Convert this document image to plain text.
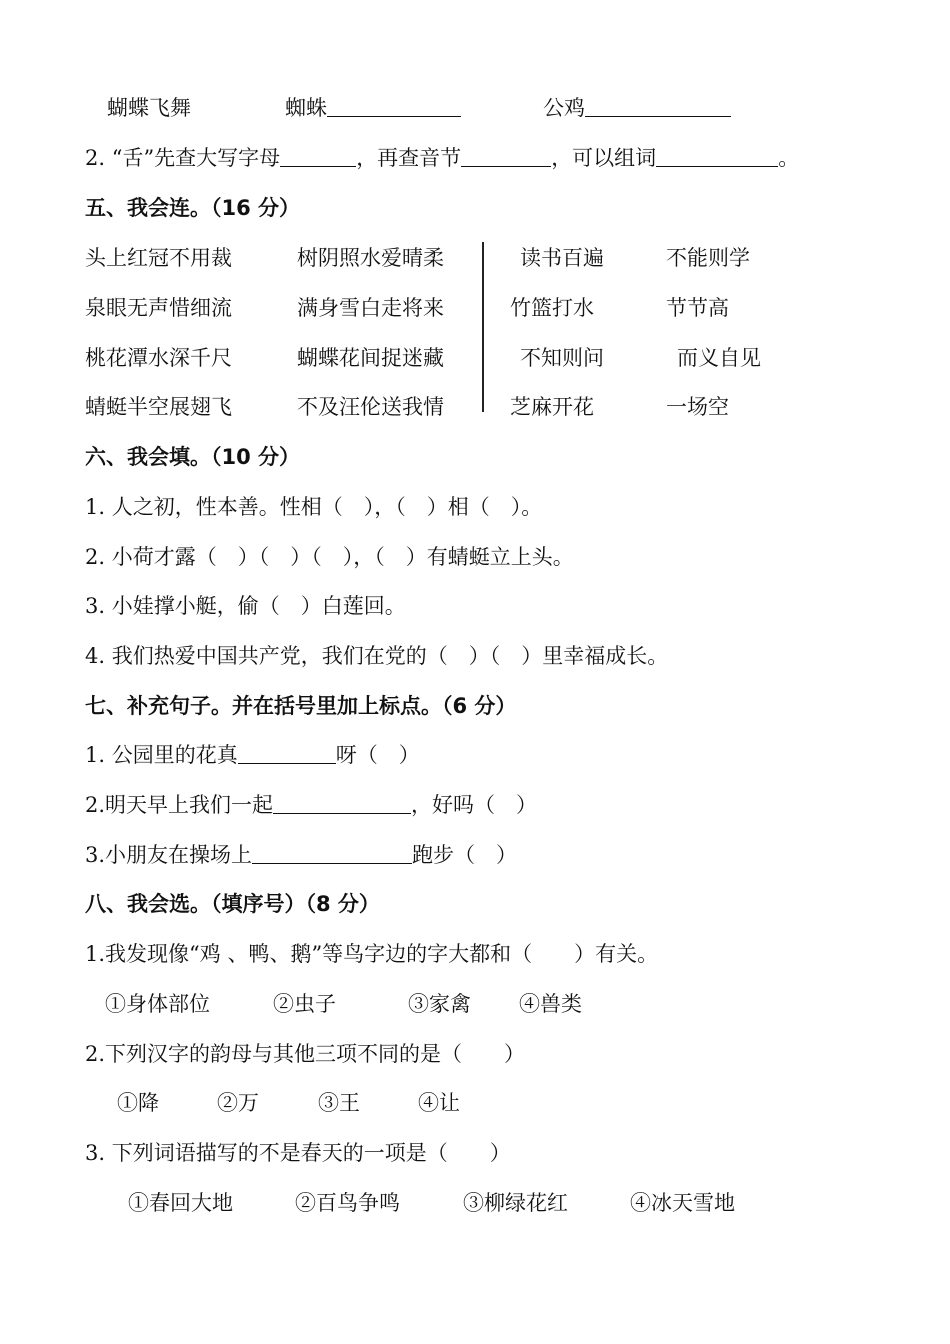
蝴蝶飞舞	蜘蛛	公鸡
2. “舌”先查大写字母	，再查音节	，可以组词	。
五、我会连。（16 分）
头上红冠不用裁	树阴照水爱晴柔	读书百遍	不能则学
泉眼无声惜细流	满身雪白走将来	竹篮打水	节节高
桃花潭水深千尺	蝴蝶花间捉迷藏	不知则问	而义自见
蜻蜓半空展翅飞	不及汪伦送我情	芝麻开花	一场空
六、我会填。（10 分）
1. 人之初，性本善。性相（　），（　）相（　）。
2. 小荷才露（　）（　）（　），（　）有蜻蜓立上头。
3. 小娃撑小艇，偷（　）白莲回。
4. 我们热爱中国共产党，我们在党的（　）（　）里幸福成长。
七、补充句子。并在括号里加上标点。（6 分）
1. 公园里的花真	呀（　）
2.明天早上我们一起	，好吗（　）
3.小朋友在操场上	跑步（　）
八、我会选。（填序号）（8 分）
1.我发现像“鸡 、鸭、鹅”等鸟字边的字大都和（　　）有关。
①身体部位	②虫子	③家禽 ④兽类
2.下列汉字的韵母与其他三项不同的是（　　）
①降	②万	③王	④让
3. 下列词语描写的不是春天的一项是（　　）
①春回大地	②百鸟争鸣	③柳绿花红	④冰天雪地
